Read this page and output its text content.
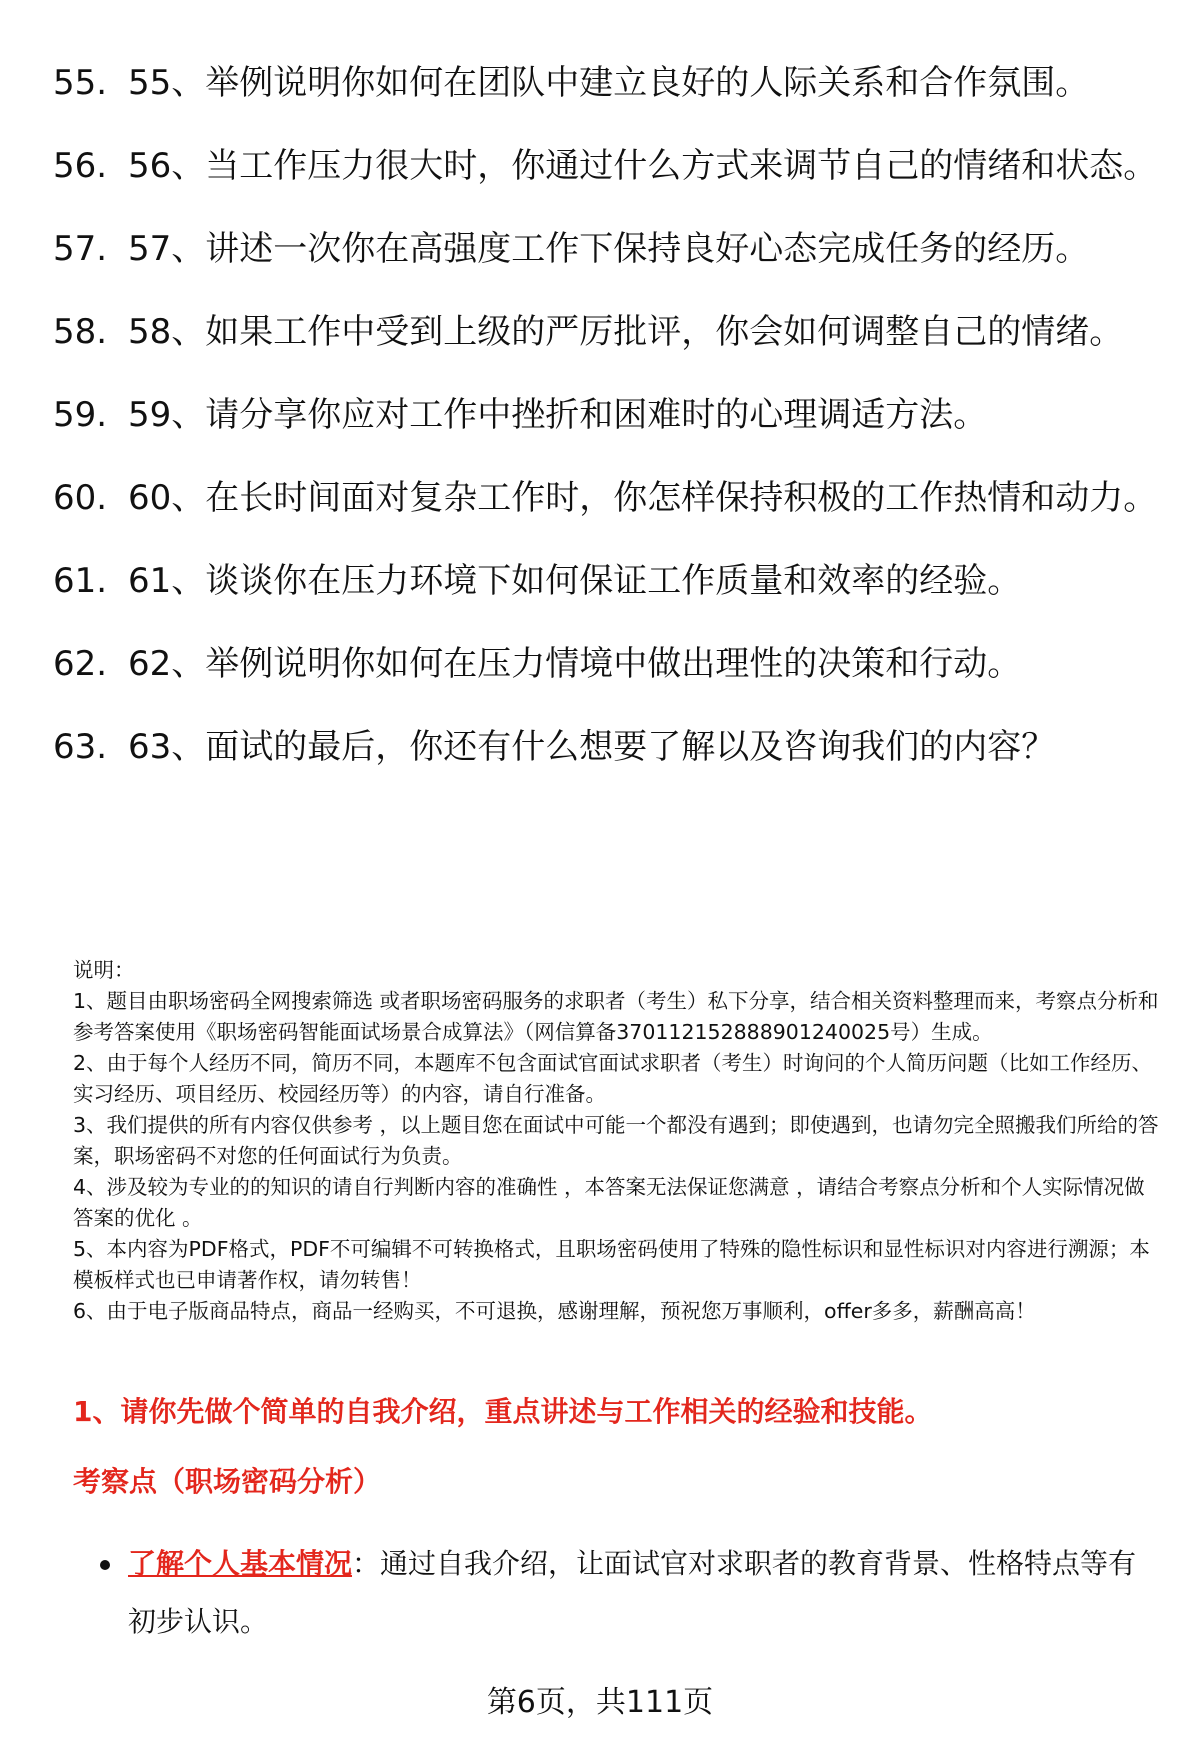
55. 55、举例说明你如何在团队中建立良好的人际关系和合作氛围。
56. 56、当工作压力很大时，你通过什么方式来调节自己的情绪和状态。
57. 57、讲述一次你在高强度工作下保持良好心态完成任务的经历。
58. 58、如果工作中受到上级的严厉批评，你会如何调整自己的情绪。
59. 59、请分享你应对工作中挫折和困难时的心理调适方法。
60. 60、在长时间面对复杂工作时，你怎样保持积极的工作热情和动力。
61. 61、谈谈你在压力环境下如何保证工作质量和效率的经验。
62. 62、举例说明你如何在压力情境中做出理性的决策和行动。
63. 63、面试的最后，你还有什么想要了解以及咨询我们的内容？

说明：

1、题目由职场密码全网搜索筛选 或者职场密码服务的求职者（考生）私下分享，结合相关资料整理而来，考察点分析和参考答案使用《职场密码智能面试场景合成算法》（网信算备370112152888901240025号）生成。

2、由于每个人经历不同，简历不同，本题库不包含面试官面试求职者（考生）时询问的个人简历问题（比如工作经历、实习经历、项目经历、校园经历等）的内容，请自行准备。

3、我们提供的所有内容仅供参考 ，以上题目您在面试中可能一个都没有遇到；即使遇到，也请勿完全照搬我们所给的答案，职场密码不对您的任何面试行为负责。

4、涉及较为专业的的知识的请自行判断内容的准确性 ，本答案无法保证您满意 ，请结合考察点分析和个人实际情况做答案的优化 。

5、本内容为PDF格式，PDF不可编辑不可转换格式，且职场密码使用了特殊的隐性标识和显性标识对内容进行溯源；本模板样式也已申请著作权，请勿转售！

6、由于电子版商品特点，商品一经购买，不可退换，感谢理解，预祝您万事顺利，offer多多，薪酬高高！

1、请你先做个简单的自我介绍，重点讲述与工作相关的经验和技能。
考察点（职场密码分析）
了解个人基本情况：通过自我介绍，让面试官对求职者的教育背景、性格特点等有初步认识。
第6页，共111页
